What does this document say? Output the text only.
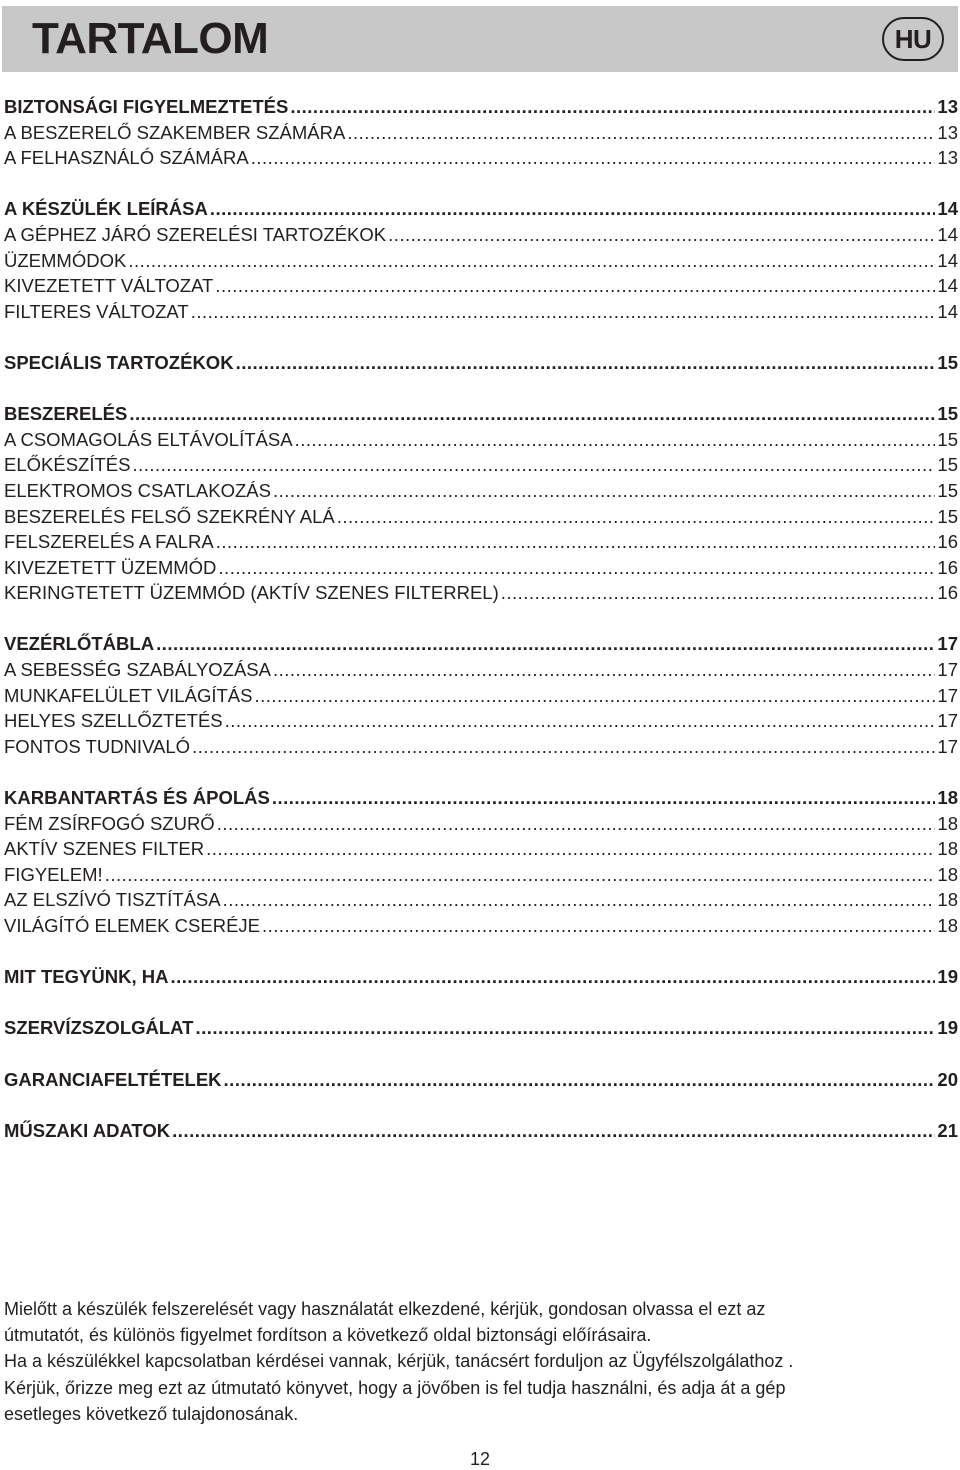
TARTALOM	HU
BIZTONSÁGI FIGYELMEZTETÉS .....	13
A BESZERELŐ SZAKEMBER SZÁMÁRA .....	13
A FELHASZNÁLÓ SZÁMÁRA .....	13
A KÉSZÜLÉK LEÍRÁSA .....	14
A GÉPHEZ JÁRÓ SZERELÉSI TARTOZÉKOK .....	14
ÜZEMMÓDOK .....	14
KIVEZETETT VÁLTOZAT .....	14
FILTERES VÁLTOZAT .....	14
SPECIÁLIS TARTOZÉKOK .....	15
BESZERELÉS .....	15
A CSOMAGOLÁS ELTÁVOLÍTÁSA .....	15
ELŐKÉSZÍTÉS .....	15
ELEKTROMOS CSATLAKOZÁS .....	15
BESZERELÉS FELSŐ SZEKRÉNY ALÁ .....	15
FELSZERELÉS A FALRA .....	16
KIVEZETETT ÜZEMMÓD .....	16
KERINGTETETT ÜZEMMÓD (AKTÍV SZENES FILTERREL) .....	16
VEZÉRLŐTÁBLA .....	17
A SEBESSÉG SZABÁLYOZÁSA .....	17
MUNKAFELÜLET VILÁGÍTÁS .....	17
HELYES SZELLŐZTETÉS .....	17
FONTOS TUDNIVALÓ .....	17
KARBANTARTÁS ÉS ÁPOLÁS .....	18
FÉM ZSÍRFOGÓ SZURŐ .....	18
AKTÍV SZENES FILTER .....	18
FIGYELEM! .....	18
AZ ELSZÍVÓ TISZTÍTÁSA .....	18
VILÁGÍTÓ ELEMEK CSERÉJE .....	18
MIT TEGYÜNK, HA .....	19
SZERVÍZSZOLGÁLAT .....	19
GARANCIAFELTÉTELEK .....	20
MŰSZAKI ADATOK .....	21
Mielőtt a készülék felszerelését vagy használatát elkezdené, kérjük, gondosan olvassa el ezt az
útmutatót, és különös figyelmet fordítson a következő oldal biztonsági előírásaira.
Ha a készülékkel kapcsolatban kérdései vannak, kérjük, tanácsért forduljon az Ügyfélszolgálathoz .
Kérjük, őrizze meg ezt az útmutató könyvet, hogy a jövőben is fel tudja használni, és adja át a gép
esetleges következő tulajdonosának.
12
